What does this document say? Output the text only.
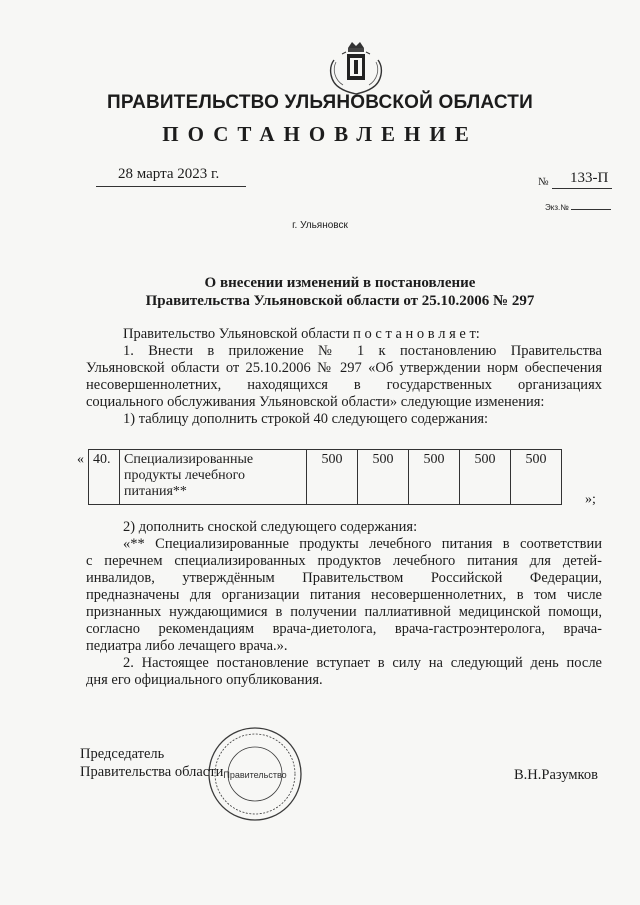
ПРАВИТЕЛЬСТВО УЛЬЯНОВСКОЙ ОБЛАСТИ
ПОСТАНОВЛЕНИЕ
28 марта 2023 г.	№ 133-П
Экз.№
г. Ульяновск
О внесении изменений в постановление
Правительства Ульяновской области от 25.10.2006 № 297
Правительство Ульяновской области п о с т а н о в л я е т:
1. Внести в приложение № 1 к постановлению Правительства
Ульяновской области от 25.10.2006 № 297 «Об утверждении норм обеспечения
несовершеннолетних, находящихся в государственных организациях
социального обслуживания Ульяновской области» следующие изменения:
1) таблицу дополнить строкой 40 следующего содержания:
« 40.	Специализированные
продукты лечебного
питания**
	500	500	500	500	500
»;
2) дополнить сноской следующего содержания:
«** Специализированные продукты лечебного питания в соответствии
с перечнем специализированных продуктов лечебного питания для детей-
инвалидов, утверждённым Правительством Российской Федерации,
предназначены для организации питания несовершеннолетних, в том числе
признанных нуждающимися в получении паллиативной медицинской помощи,
согласно рекомендациям врача-диетолога, врача-гастроэнтеролога, врача-
педиатра либо лечащего врача.».
2. Настоящее постановление вступает в силу на следующий день после
дня его официального опубликования.
Правительство
Председатель
Правительства области	В.Н.Разумков
